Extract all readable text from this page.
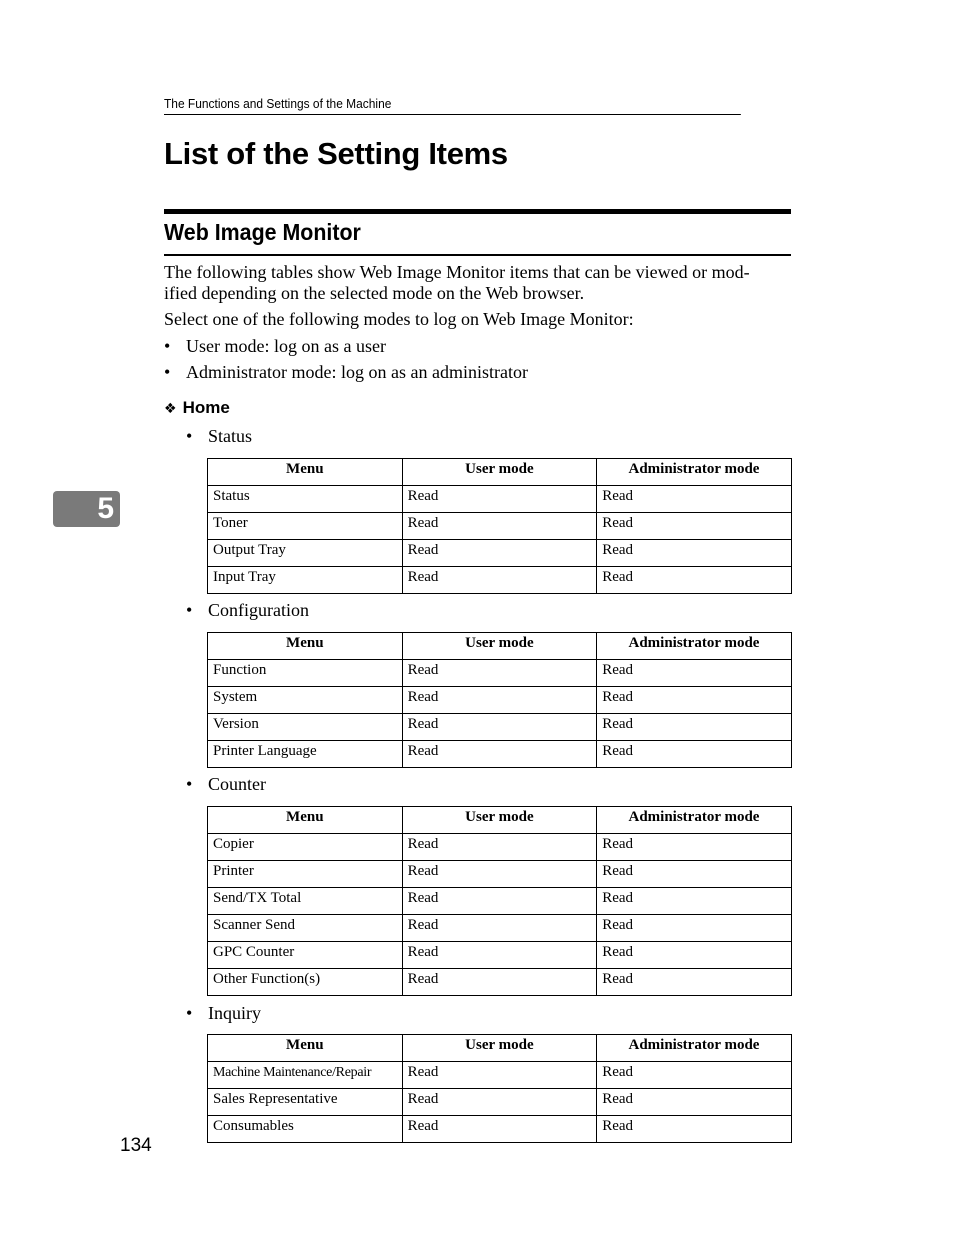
The Functions and Settings of the Machine
List of the Setting Items
Web Image Monitor
The following tables show Web Image Monitor items that can be viewed or mod-
ified depending on the selected mode on the Web browser.
Select one of the following modes to log on Web Image Monitor:
• User mode: log on as a user
• Administrator mode: log on as an administrator
❖ Home
5
• Status
Menu	User mode	Administrator mode
Status	Read	Read
Toner	Read	Read
Output Tray	Read	Read
Input Tray	Read	Read
• Configuration
Menu	User mode	Administrator mode
Function	Read	Read
System	Read	Read
Version	Read	Read
Printer Language	Read	Read
• Counter
Menu	User mode	Administrator mode
Copier	Read	Read
Printer	Read	Read
Send/TX Total	Read	Read
Scanner Send	Read	Read
GPC Counter	Read	Read
Other Function(s)	Read	Read
• Inquiry
Menu	User mode	Administrator mode
Machine Maintenance/Repair	Read	Read
Sales Representative	Read	Read
Consumables	Read	Read
134
